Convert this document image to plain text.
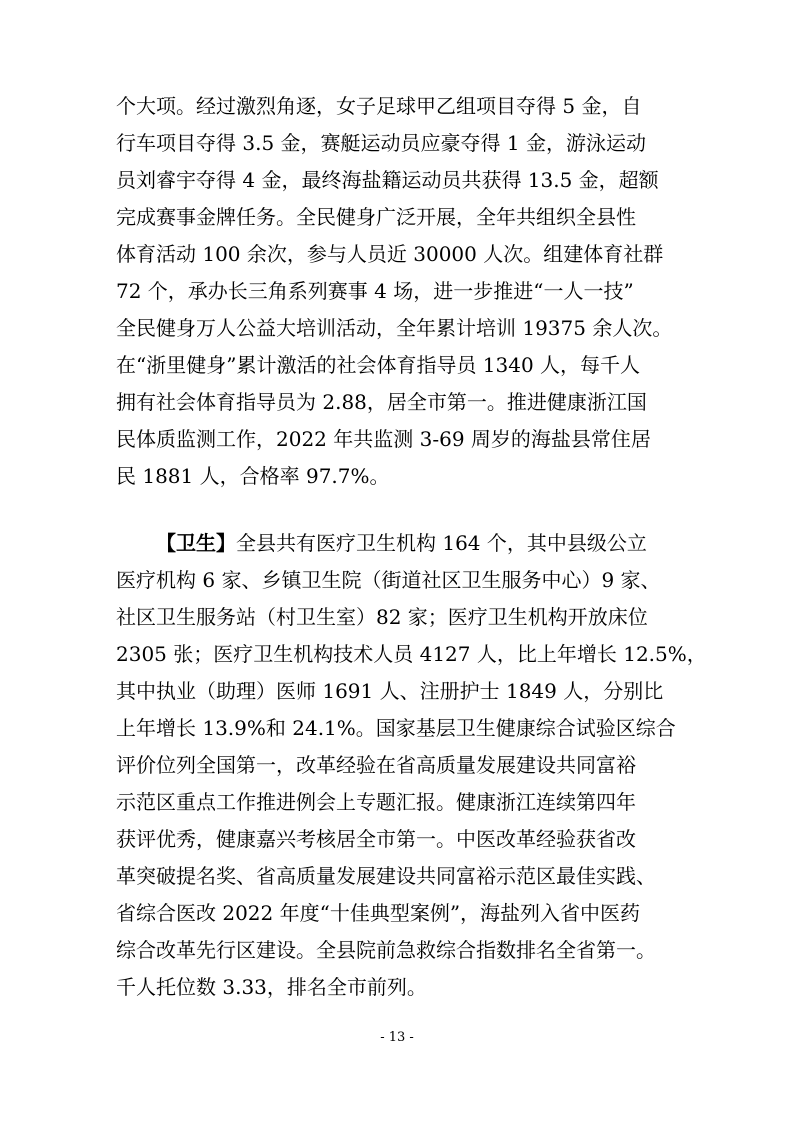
个大项。经过激烈角逐，女子足球甲乙组项目夺得 5 金，自
行车项目夺得 3.5 金，赛艇运动员应豪夺得 1 金，游泳运动
员刘睿宇夺得 4 金，最终海盐籍运动员共获得 13.5 金，超额
完成赛事金牌任务。全民健身广泛开展，全年共组织全县性
体育活动 100 余次，参与人员近 30000 人次。组建体育社群
72 个，承办长三角系列赛事 4 场，进一步推进“一人一技”
全民健身万人公益大培训活动，全年累计培训 19375 余人次。
在“浙里健身”累计激活的社会体育指导员 1340 人，每千人
拥有社会体育指导员为 2.88，居全市第一。推进健康浙江国
民体质监测工作，2022 年共监测 3-69 周岁的海盐县常住居
民 1881 人，合格率 97.7%。
【卫生】全县共有医疗卫生机构 164 个，其中县级公立
医疗机构 6 家、乡镇卫生院（街道社区卫生服务中心）9 家、
社区卫生服务站（村卫生室）82 家；医疗卫生机构开放床位
2305 张；医疗卫生机构技术人员 4127 人，比上年增长 12.5%，
其中执业（助理）医师 1691 人、注册护士 1849 人，分别比
上年增长 13.9%和 24.1%。国家基层卫生健康综合试验区综合
评价位列全国第一，改革经验在省高质量发展建设共同富裕
示范区重点工作推进例会上专题汇报。健康浙江连续第四年
获评优秀，健康嘉兴考核居全市第一。中医改革经验获省改
革突破提名奖、省高质量发展建设共同富裕示范区最佳实践、
省综合医改 2022 年度“十佳典型案例”，海盐列入省中医药
综合改革先行区建设。全县院前急救综合指数排名全省第一。
千人托位数 3.33，排名全市前列。
- 13 -
